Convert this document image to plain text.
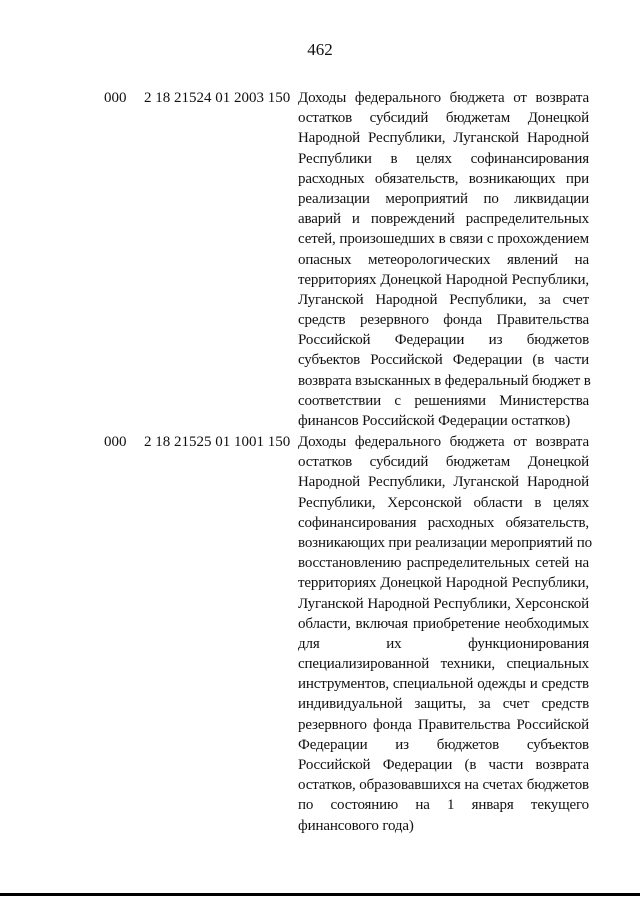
462
000 2 18 21524 01 2003 150 Доходы федерального бюджета от возврата
остатков субсидий бюджетам Донецкой
Народной Республики, Луганской Народной
Республики в целях софинансирования
расходных обязательств, возникающих при
реализации мероприятий по ликвидации
аварий и повреждений распределительных
сетей, произошедших в связи с прохождением
опасных метеорологических явлений на
территориях Донецкой Народной Республики,
Луганской Народной Республики, за счет
средств резервного фонда Правительства
Российской Федерации из бюджетов
субъектов Российской Федерации (в части
возврата взысканных в федеральный бюджет в
соответствии с решениями Министерства
финансов Российской Федерации остатков)
000 2 18 21525 01 1001 150 Доходы федерального бюджета от возврата
остатков субсидий бюджетам Донецкой
Народной Республики, Луганской Народной
Республики, Херсонской области в целях
софинансирования расходных обязательств,
возникающих при реализации мероприятий по
восстановлению распределительных сетей на
территориях Донецкой Народной Республики,
Луганской Народной Республики, Херсонской
области, включая приобретение необходимых
для их функционирования
специализированной техники, специальных
инструментов, специальной одежды и средств
индивидуальной защиты, за счет средств
резервного фонда Правительства Российской
Федерации из бюджетов субъектов
Российской Федерации (в части возврата
остатков, образовавшихся на счетах бюджетов
по состоянию на 1 января текущего
финансового года)
